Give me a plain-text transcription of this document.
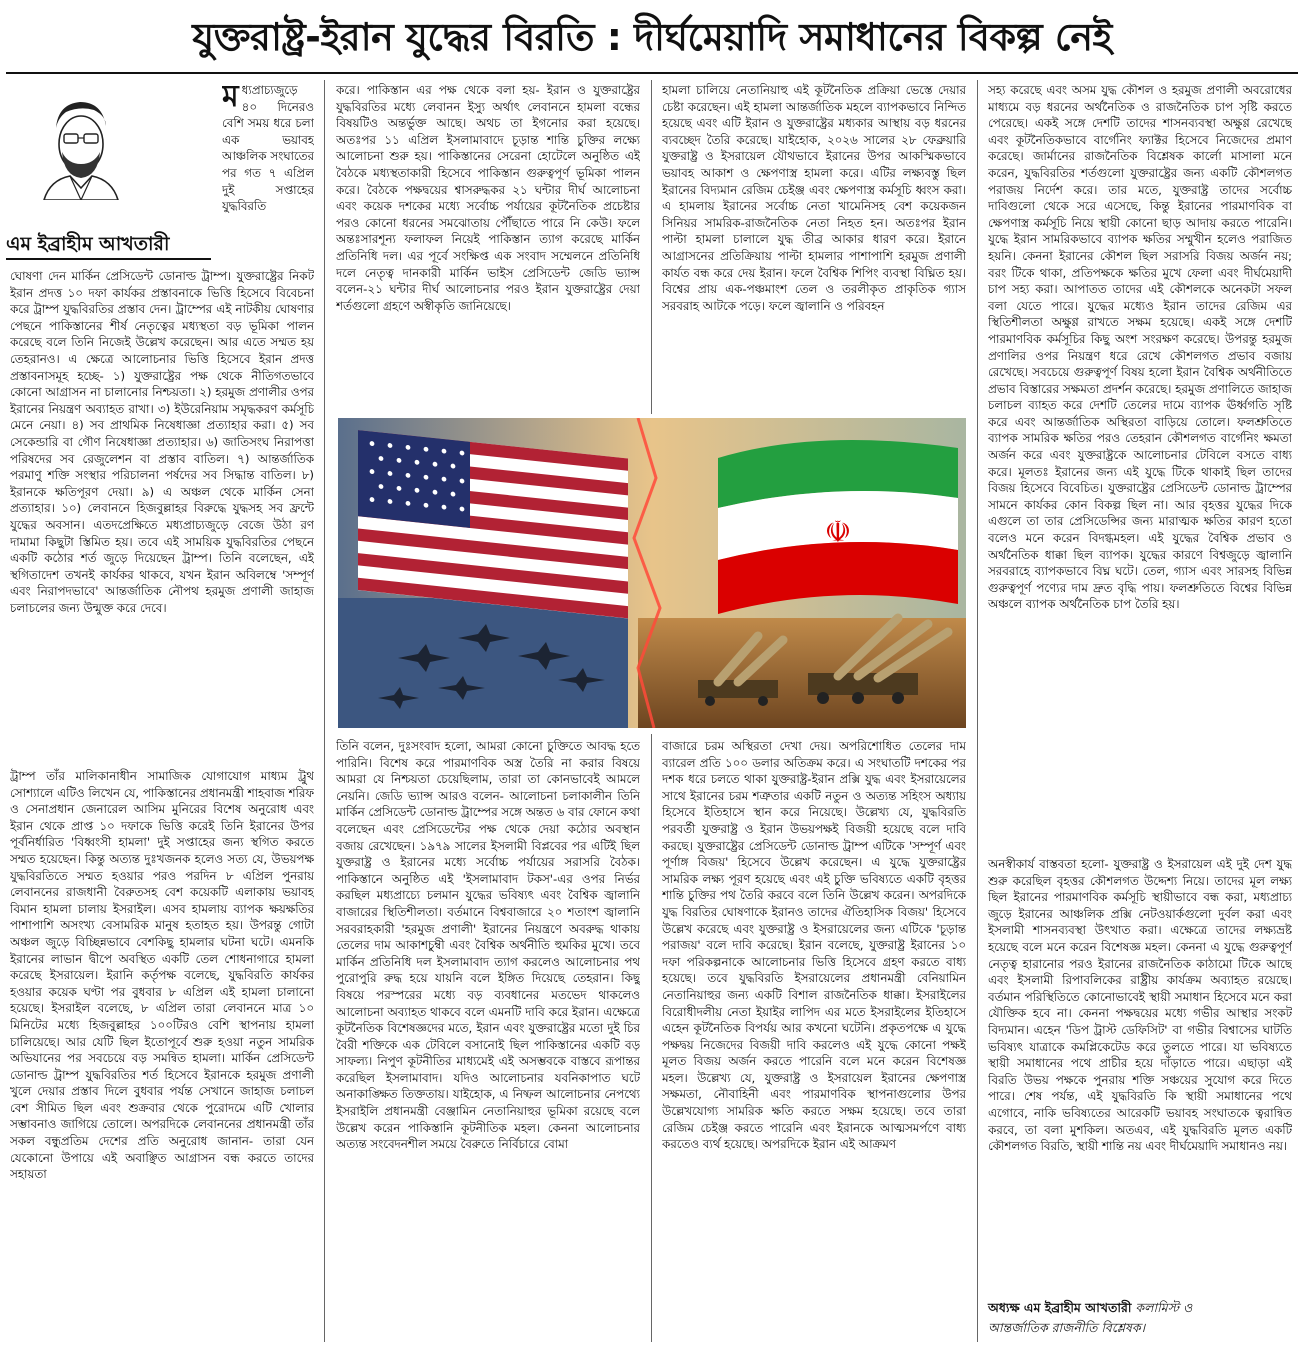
যুক্তরাষ্ট্র-ইরান যুদ্ধের বিরতি : দীর্ঘমেয়াদি সমাধানের বিকল্প নেই
এম ইব্রাহীম আখতারী
মধ্যপ্রাচ্যজুড়ে ৪০ দিনেরও বেশি সময় ধরে চলা এক ভয়াবহ আঞ্চলিক সংঘাতের পর গত ৭ এপ্রিল দুই সপ্তাহের যুদ্ধবিরতি

ঘোষণা দেন মার্কিন প্রেসিডেন্ট ডোনাল্ড ট্রাম্প। যুক্তরাষ্ট্রের নিকট ইরান প্রদত্ত ১০ দফা কার্যকর প্রস্তাবনাকে ভিত্তি হিসেবে বিবেচনা করে ট্রাম্প যুদ্ধবিরতির প্রস্তাব দেন। ট্রাম্পের এই নাটকীয় ঘোষণার পেছনে পাকিস্তানের শীর্ষ নেতৃত্বের মধ্যস্থতা বড় ভূমিকা পালন করেছে বলে তিনি নিজেই উল্লেখ করেছেন। আর এতে সম্মত হয় তেহরানও। এ ক্ষেত্রে আলোচনার ভিত্তি হিসেবে ইরান প্রদত্ত প্রস্তাবনাসমূহ হচ্ছে- ১) যুক্তরাষ্ট্রের পক্ষ থেকে নীতিগতভাবে কোনো আগ্রাসন না চালানোর নিশ্চয়তা। ২) হরমুজ প্রণালীর ওপর ইরানের নিয়ন্ত্রণ অব্যাহত রাখা। ৩) ইউরেনিয়াম সমৃদ্ধকরণ কর্মসূচি মেনে নেয়া। ৪) সব প্রাথমিক নিষেধাজ্ঞা প্রত্যাহার করা। ৫) সব সেকেন্ডারি বা গৌণ নিষেধাজ্ঞা প্রত্যাহার। ৬) জাতিসংঘ নিরাপত্তা পরিষদের সব রেজুলেশন বা প্রস্তাব বাতিল। ৭) আন্তর্জাতিক পরমাণু শক্তি সংস্থার পরিচালনা পর্ষদের সব সিদ্ধান্ত বাতিল। ৮) ইরানকে ক্ষতিপূরণ দেয়া। ৯) এ অঞ্চল থেকে মার্কিন সেনা প্রত্যাহার। ১০) লেবাননে হিজবুল্লাহর বিরুদ্ধে যুদ্ধসহ সব ফ্রন্টে যুদ্ধের অবসান। এতদপ্রেক্ষিতে মধ্যপ্রাচ্যজুড়ে বেজে উঠা রণ দামামা কিছুটা স্তিমিত হয়। তবে এই সাময়িক যুদ্ধবিরতির পেছনে একটি কঠোর শর্ত জুড়ে দিয়েছেন ট্রাম্প। তিনি বলেছেন, এই স্থগিতাদেশ তখনই কার্যকর থাকবে, যখন ইরান অবিলম্বে 'সম্পূর্ণ এবং নিরাপদভাবে' আন্তর্জাতিক নৌপথ হরমুজ প্রণালী জাহাজ চলাচলের জন্য উন্মুক্ত করে দেবে।

ট্রাম্প তাঁর মালিকানাধীন সামাজিক যোগাযোগ মাধ্যম ট্রুথ সোশ্যালে এটিও লিখেন যে, পাকিস্তানের প্রধানমন্ত্রী শাহবাজ শরিফ ও সেনাপ্রধান জেনারেল আসিম মুনিরের বিশেষ অনুরোধ এবং ইরান থেকে প্রাপ্ত ১০ দফাকে ভিত্তি করেই তিনি ইরানের উপর পূর্বনির্ধারিত 'বিধ্বংসী হামলা' দুই সপ্তাহের জন্য স্থগিত করতে সম্মত হয়েছেন। কিন্তু অত্যন্ত দুঃখজনক হলেও সত্য যে, উভয়পক্ষ যুদ্ধবিরতিতে সম্মত হওয়ার পরও পরদিন ৮ এপ্রিল পুনরায় লেবাননের রাজধানী বৈরুতসহ বেশ কয়েকটি এলাকায় ভয়াবহ বিমান হামলা চালায় ইসরাইল। এসব হামলায় ব্যাপক ক্ষয়ক্ষতির পাশাপাশি অসংখ্য বেসামরিক মানুষ হতাহত হয়। উপরন্তু গোটা অঞ্চল জুড়ে বিচ্ছিন্নভাবে বেশকিছু হামলার ঘটনা ঘটে। এমনকি ইরানের লাভান দ্বীপে অবস্থিত একটি তেল শোধনাগারে হামলা করেছে ইসরায়েল। ইরানি কর্তৃপক্ষ বলেছে, যুদ্ধবিরতি কার্যকর হওয়ার কয়েক ঘণ্টা পর বুধবার ৮ এপ্রিল এই হামলা চালানো হয়েছে। ইসরাইল বলেছে, ৮ এপ্রিল তারা লেবাননে মাত্র ১০ মিনিটের মধ্যে হিজবুল্লাহর ১০০টিরও বেশি স্থাপনায় হামলা চালিয়েছে। আর যেটি ছিল ইতোপূর্বে শুরু হওয়া নতুন সামরিক অভিযানের পর সবচেয়ে বড় সমন্বিত হামলা। মার্কিন প্রেসিডেন্ট ডোনাল্ড ট্রাম্প যুদ্ধবিরতির শর্ত হিসেবে ইরানকে হরমুজ প্রণালী খুলে দেয়ার প্রস্তাব দিলে বুধবার পর্যন্ত সেখানে জাহাজ চলাচল বেশ সীমিত ছিল এবং শুক্রবার থেকে পুরোদমে এটি খোলার সম্ভাবনাও জাগিয়ে তোলে। অপরদিকে লেবাননের প্রধানমন্ত্রী তাঁর সকল বন্ধুপ্রতিম দেশের প্রতি অনুরোধ জানান- তারা যেন যেকোনো উপায়ে এই অবাঞ্ছিত আগ্রাসন বন্ধ করতে তাদের সহায়তা

করে। পাকিস্তান এর পক্ষ থেকে বলা হয়- ইরান ও যুক্তরাষ্ট্রের যুদ্ধবিরতির মধ্যে লেবানন ইস্যু অর্থাৎ লেবাননে হামলা বন্ধের বিষয়টিও অন্তর্ভুক্ত আছে। অথচ তা ইগনোর করা হয়েছে। অতঃপর ১১ এপ্রিল ইসলামাবাদে চূড়ান্ত শান্তি চুক্তির লক্ষ্যে আলোচনা শুরু হয়। পাকিস্তানের সেরেনা হোটেলে অনুষ্ঠিত এই বৈঠকে মধ্যস্থতাকারী হিসেবে পাকিস্তান গুরুত্বপূর্ণ ভূমিকা পালন করে। বৈঠকে পক্ষদ্বয়ের শ্বাসরুদ্ধকর ২১ ঘন্টার দীর্ঘ আলোচনা এবং কয়েক দশকের মধ্যে সর্বোচ্চ পর্যায়ের কূটনৈতিক প্রচেষ্টার পরও কোনো ধরনের সমঝোতায় পৌঁছাতে পারে নি কেউ। ফলে অন্তঃসারশূন্য ফলাফল নিয়েই পাকিস্তান ত্যাগ করেছে মার্কিন প্রতিনিধি দল। এর পূর্বে সংক্ষিপ্ত এক সংবাদ সম্মেলনে প্রতিনিধি দলে নেতৃত্ব দানকারী মার্কিন ভাইস প্রেসিডেন্ট জেডি ভ্যান্স বলেন-২১ ঘন্টার দীর্ঘ আলোচনার পরও ইরান যুক্তরাষ্ট্রের দেয়া শর্তগুলো গ্রহণে অস্বীকৃতি জানিয়েছে।

হামলা চালিয়ে নেতানিয়াহু এই কূটনৈতিক প্রক্রিয়া ভেস্তে দেয়ার চেষ্টা করেছেন। এই হামলা আন্তর্জাতিক মহলে ব্যাপকভাবে নিন্দিত হয়েছে এবং এটি ইরান ও যুক্তরাষ্ট্রের মধ্যকার আস্থায় বড় ধরনের ব্যবচ্ছেদ তৈরি করেছে। যাইহোক, ২০২৬ সালের ২৮ ফেব্রুয়ারি যুক্তরাষ্ট্র ও ইসরায়েল যৌথভাবে ইরানের উপর আকস্মিকভাবে ভয়াবহ আকাশ ও ক্ষেপণাস্ত্র হামলা করে। এটির লক্ষ্যবস্তু ছিল ইরানের বিদ্যমান রেজিম চেইঞ্জ এবং ক্ষেপণাস্ত্র কর্মসূচি ধ্বংস করা। এ হামলায় ইরানের সর্বোচ্চ নেতা খামেনিসহ বেশ কয়েকজন সিনিয়র সামরিক-রাজনৈতিক নেতা নিহত হন। অতঃপর ইরান পাল্টা হামলা চালালে যুদ্ধ তীব্র আকার ধারণ করে। ইরানে আগ্রাসনের প্রতিক্রিয়ায় পাল্টা হামলার পাশাপাশি হরমুজ প্রণালী কার্যত বন্ধ করে দেয় ইরান। ফলে বৈশ্বিক শিপিং ব্যবস্থা বিঘ্নিত হয়। বিশ্বের প্রায় এক-পঞ্চমাংশ তেল ও তরলীকৃত প্রাকৃতিক গ্যাস সরবরাহ আটকে পড়ে। ফলে জ্বালানি ও পরিবহন

☫

তিনি বলেন, দুঃসংবাদ হলো, আমরা কোনো চুক্তিতে আবদ্ধ হতে পারিনি। বিশেষ করে পারমাণবিক অস্ত্র তৈরি না করার বিষয়ে আমরা যে নিশ্চয়তা চেয়েছিলাম, তারা তা কোনভাবেই আমলে নেয়নি। জেডি ভ্যান্স আরও বলেন- আলোচনা চলাকালীন তিনি মার্কিন প্রেসিডেন্ট ডোনাল্ড ট্রাম্পের সঙ্গে অন্তত ৬ বার ফোনে কথা বলেছেন এবং প্রেসিডেন্টের পক্ষ থেকে দেয়া কঠোর অবস্থান বজায় রেখেছেন। ১৯৭৯ সালের ইসলামী বিপ্লবের পর এটিই ছিল যুক্তরাষ্ট্র ও ইরানের মধ্যে সর্বোচ্চ পর্যায়ের সরাসরি বৈঠক। পাকিস্তানে অনুষ্ঠিত এই 'ইসলামাবাদ টকস'-এর ওপর নির্ভর করছিল মধ্যপ্রাচ্যে চলমান যুদ্ধের ভবিষ্যৎ এবং বৈশ্বিক জ্বালানি বাজারের স্থিতিশীলতা। বর্তমানে বিশ্ববাজারে ২০ শতাংশ জ্বালানি সরবরাহকারী 'হরমুজ প্রণালী' ইরানের নিয়ন্ত্রণে অবরুদ্ধ থাকায় তেলের দাম আকাশচুম্বী এবং বৈশ্বিক অর্থনীতি হুমকির মুখে। তবে মার্কিন প্রতিনিধি দল ইসলামাবাদ ত্যাগ করলেও আলোচনার পথ পুরোপুরি রুদ্ধ হয়ে যায়নি বলে ইঙ্গিত দিয়েছে তেহরান। কিছু বিষয়ে পরস্পরের মধ্যে বড় ব্যবধানের মতভেদ থাকলেও আলোচনা অব্যাহত থাকবে বলে এমনটি দাবি করে ইরান। এক্ষেত্রে কূটনৈতিক বিশেষজ্ঞদের মতে, ইরান এবং যুক্তরাষ্ট্রের মতো দুই চির বৈরী শক্তিকে এক টেবিলে বসানোই ছিল পাকিস্তানের একটি বড় সাফল্য। নিপুণ কূটনীতির মাধ্যমেই এই অসম্ভবকে বাস্তবে রূপান্তর করেছিল ইসলামাবাদ। যদিও আলোচনার যবনিকাপাত ঘটে অনাকাঙ্ক্ষিত তিক্ততায়। যাইহোক, এ নিষ্ফল আলোচনার নেপথ্যে ইসরাইলি প্রধানমন্ত্রী বেঞ্জামিন নেতানিয়াহুর ভূমিকা রয়েছে বলে উল্লেখ করেন পাকিস্তানি কূটনীতিক মহল। কেননা আলোচনার অত্যন্ত সংবেদনশীল সময়ে বৈরুতে নির্বিচারে বোমা

বাজারে চরম অস্থিরতা দেখা দেয়। অপরিশোধিত তেলের দাম ব্যারেল প্রতি ১০০ ডলার অতিক্রম করে। এ সংঘাতটি দশকের পর দশক ধরে চলতে থাকা যুক্তরাষ্ট্র-ইরান প্রক্সি যুদ্ধ এবং ইসরায়েলের সাথে ইরানের চরম শত্রুতার একটি নতুন ও অত্যন্ত সহিংস অধ্যায় হিসেবে ইতিহাসে স্থান করে নিয়েছে। উল্লেখ্য যে, যুদ্ধবিরতি পরবর্তী যুক্তরাষ্ট্র ও ইরান উভয়পক্ষই বিজয়ী হয়েছে বলে দাবি করছে। যুক্তরাষ্ট্রের প্রেসিডেন্ট ডোনাল্ড ট্রাম্প এটিকে 'সম্পূর্ণ এবং পূর্ণাঙ্গ বিজয়' হিসেবে উল্লেখ করেছেন। এ যুদ্ধে যুক্তরাষ্ট্রের সামরিক লক্ষ্য পূরণ হয়েছে এবং এই চুক্তি ভবিষ্যতে একটি বৃহত্তর শান্তি চুক্তির পথ তৈরি করবে বলে তিনি উল্লেখ করেন। অপরদিকে যুদ্ধ বিরতির ঘোষণাকে ইরানও তাদের ঐতিহাসিক বিজয়' হিসেবে উল্লেখ করেছে এবং যুক্তরাষ্ট্র ও ইসরায়েলের জন্য এটিকে 'চূড়ান্ত পরাজয়' বলে দাবি করেছে। ইরান বলেছে, যুক্তরাষ্ট্র ইরানের ১০ দফা পরিকল্পনাকে আলোচনার ভিত্তি হিসেবে গ্রহণ করতে বাধ্য হয়েছে। তবে যুদ্ধবিরতি ইসরায়েলের প্রধানমন্ত্রী বেনিয়ামিন নেতানিয়াহুর জন্য একটি বিশাল রাজনৈতিক ধাক্কা। ইসরাইলের বিরোধীদলীয় নেতা ইয়াইর লাপিদ এর মতে ইসরাইলের ইতিহাসে এহেন কূটনৈতিক বিপর্যয় আর কখনো ঘটেনি। প্রকৃতপক্ষে এ যুদ্ধে পক্ষদ্বয় নিজেদের বিজয়ী দাবি করলেও এই যুদ্ধে কোনো পক্ষই মূলত বিজয় অর্জন করতে পারেনি বলে মনে করেন বিশেষজ্ঞ মহল। উল্লেখ্য যে, যুক্তরাষ্ট্র ও ইসরায়েল ইরানের ক্ষেপণাস্ত্র সক্ষমতা, নৌবাহিনী এবং পারমাণবিক স্থাপনাগুলোর উপর উল্লেখযোগ্য সামরিক ক্ষতি করতে সক্ষম হয়েছে। তবে তারা রেজিম চেইঞ্জ করতে পারেনি এবং ইরানকে আত্মসমর্পণে বাধ্য করতেও ব্যর্থ হয়েছে। অপরদিকে ইরান এই আক্রমণ

সহ্য করেছে এবং অসম যুদ্ধ কৌশল ও হরমুজ প্রণালী অবরোধের মাধ্যমে বড় ধরনের অর্থনৈতিক ও রাজনৈতিক চাপ সৃষ্টি করতে পেরেছে। একই সঙ্গে দেশটি তাদের শাসনব্যবস্থা অক্ষুণ্ণ রেখেছে এবং কূটনৈতিকভাবে বার্গেনিং ফ্যাক্টর হিসেবে নিজেদের প্রমাণ করেছে। জার্মানের রাজনৈতিক বিশ্লেষক কার্লো মাসালা মনে করেন, যুদ্ধবিরতির শর্তগুলো যুক্তরাষ্ট্রের জন্য একটি কৌশলগত পরাজয় নির্দেশ করে। তার মতে, যুক্তরাষ্ট্র তাদের সর্বোচ্চ দাবিগুলো থেকে সরে এসেছে, কিন্তু ইরানের পারমাণবিক বা ক্ষেপণাস্ত্র কর্মসূচি নিয়ে স্থায়ী কোনো ছাড় আদায় করতে পারেনি। যুদ্ধে ইরান সামরিকভাবে ব্যাপক ক্ষতির সম্মুখীন হলেও পরাজিত হয়নি। কেননা ইরানের কৌশল ছিল সরাসরি বিজয় অর্জন নয়; বরং টিকে থাকা, প্রতিপক্ষকে ক্ষতির মুখে ফেলা এবং দীর্ঘমেয়াদী চাপ সহ্য করা। আপাতত তাদের এই কৌশলকে অনেকটা সফল বলা যেতে পারে। যুদ্ধের মধ্যেও ইরান তাদের রেজিম এর স্থিতিশীলতা অক্ষুণ্ণ রাখতে সক্ষম হয়েছে। একই সঙ্গে দেশটি পারমাণবিক কর্মসূচির কিছু অংশ সংরক্ষণ করেছে। উপরন্তু হরমুজ প্রণালির ওপর নিয়ন্ত্রণ ধরে রেখে কৌশলগত প্রভাব বজায় রেখেছে। সবচেয়ে গুরুত্বপূর্ণ বিষয় হলো ইরান বৈশ্বিক অর্থনীতিতে প্রভাব বিস্তারের সক্ষমতা প্রদর্শন করেছে। হরমুজ প্রণালিতে জাহাজ চলাচল ব্যাহত করে দেশটি তেলের দামে ব্যাপক ঊর্ধ্বগতি সৃষ্টি করে এবং আন্তর্জাতিক অস্থিরতা বাড়িয়ে তোলে। ফলশ্রুতিতে ব্যাপক সামরিক ক্ষতির পরও তেহরান কৌশলগত বার্গেনিং ক্ষমতা অর্জন করে এবং যুক্তরাষ্ট্রকে আলোচনার টেবিলে বসতে বাধ্য করে। মূলতঃ ইরানের জন্য এই যুদ্ধে টিকে থাকাই ছিল তাদের বিজয় হিসেবে বিবেচিত। যুক্তরাষ্ট্রের প্রেসিডেন্ট ডোনাল্ড ট্রাম্পের সামনে কার্যকর কোন বিকল্প ছিল না। আর বৃহত্তর যুদ্ধের দিকে এগুলে তা তার প্রেসিডেন্সির জন্য মারাত্মক ক্ষতির কারণ হতো বলেও মনে করেন বিদগ্ধমহল। এই যুদ্ধের বৈশ্বিক প্রভাব ও অর্থনৈতিক ধাক্কা ছিল ব্যাপক। যুদ্ধের কারণে বিশ্বজুড়ে জ্বালানি সরবরাহে ব্যাপকভাবে বিঘ্ন ঘটে। তেল, গ্যাস এবং সারসহ বিভিন্ন গুরুত্বপূর্ণ পণ্যের দাম দ্রুত বৃদ্ধি পায়। ফলশ্রুতিতে বিশ্বের বিভিন্ন অঞ্চলে ব্যাপক অর্থনৈতিক চাপ তৈরি হয়।

অনস্বীকার্য বাস্তবতা হলো- যুক্তরাষ্ট্র ও ইসরায়েল এই দুই দেশ যুদ্ধ শুরু করেছিল বৃহত্তর কৌশলগত উদ্দেশ্য নিয়ে। তাদের মূল লক্ষ্য ছিল ইরানের পারমাণবিক কর্মসূচি স্থায়ীভাবে বন্ধ করা, মধ্যপ্রাচ্য জুড়ে ইরানের আঞ্চলিক প্রক্সি নেটওয়ার্কগুলো দুর্বল করা এবং ইসলামী শাসনব্যবস্থা উৎখাত করা। এক্ষেত্রে তাদের লক্ষ্যভ্রষ্ট হয়েছে বলে মনে করেন বিশেষজ্ঞ মহল। কেননা এ যুদ্ধে গুরুত্বপূর্ণ নেতৃত্ব হারানোর পরও ইরানের রাজনৈতিক কাঠামো টিকে আছে এবং ইসলামী রিপাবলিকের রাষ্ট্রীয় কার্যক্রম অব্যাহত রয়েছে। বর্তমান পরিস্থিতিতে কোনোভাবেই স্থায়ী সমাধান হিসেবে মনে করা যৌক্তিক হবে না। কেননা পক্ষদ্বয়ের মধ্যে গভীর আস্থার সংকট বিদ্যমান। এহেন 'ডিপ ট্রাস্ট ডেফিসিট' বা গভীর বিশ্বাসের ঘাটতি ভবিষ্যৎ যাত্রাকে কমপ্লিকেটেড করে তুলতে পারে। যা ভবিষ্যতে স্থায়ী সমাধানের পথে প্রাচীর হয়ে দাঁড়াতে পারে। এছাড়া এই বিরতি উভয় পক্ষকে পুনরায় শক্তি সঞ্চয়ের সুযোগ করে দিতে পারে। শেষ পর্যন্ত, এই যুদ্ধবিরতি কি স্থায়ী সমাধানের পথে এগোবে, নাকি ভবিষ্যতের আরেকটি ভয়াবহ সংঘাতকে ত্বরান্বিত করবে, তা বলা মুশকিল। অতএব, এই যুদ্ধবিরতি মূলত একটি কৌশলগত বিরতি, স্থায়ী শান্তি নয় এবং দীর্ঘমেয়াদি সমাধানও নয়।

অধ্যক্ষ এম ইব্রাহীম আখতারী কলামিস্ট ও
আন্তর্জাতিক রাজনীতি বিশ্লেষক।
